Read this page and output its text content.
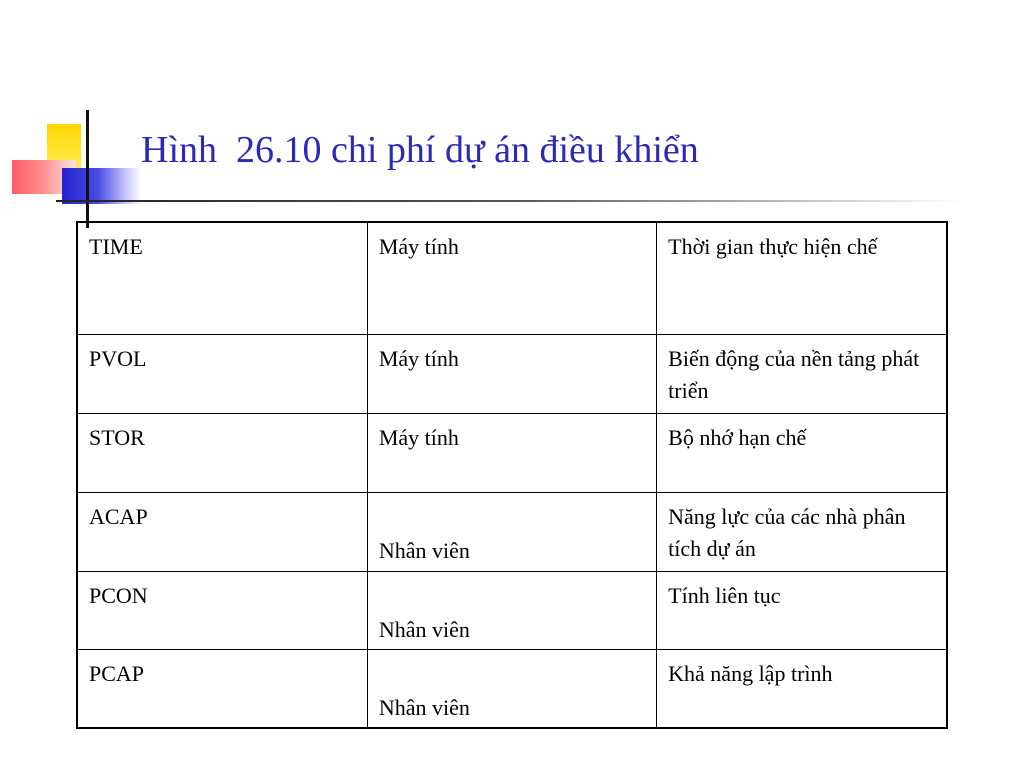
Hình  26.10 chi phí dự án điều khiển
TIME	Máy tính	Thời gian thực hiện chế

PVOL	Máy tính	Biến động của nền tảng phát triển

STOR	Máy tính	Bộ nhớ hạn chế

ACAP	Nhân viên	Năng lực của các nhà phân tích dự án

PCON	Nhân viên	Tính liên tục

PCAP	Nhân viên	Khả năng lập trình
